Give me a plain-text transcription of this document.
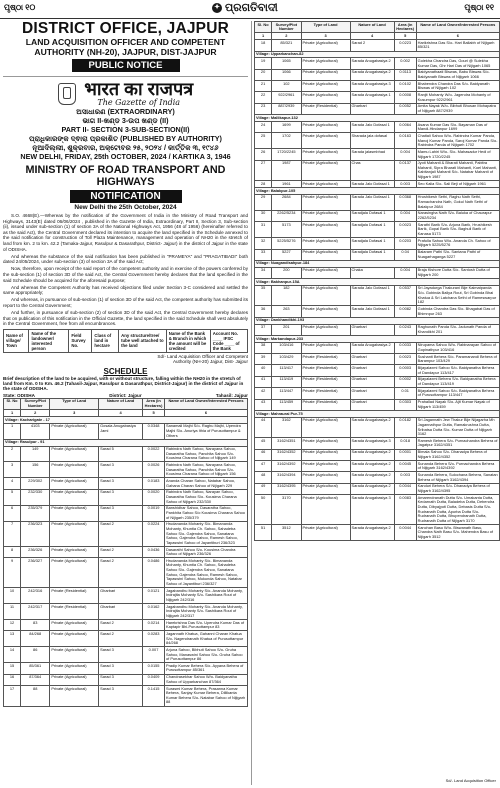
ପୃଷ୍ଠା ୧୦	✦ ପ୍ରଗତିବାଦୀ	ପୃଷ୍ଠା ୧୧
DISTRICT OFFICE, JAJPUR
LAND ACQUISITION OFFICER AND COMPETENT
AUTHORITY (NH-20), JAJPUR, DIST-JAJPUR
PUBLIC NOTICE

भारत का राजपत्र
The Gazette of India
ଅସାଧାରଣ (EXTRAORDINARY)
ଭାଗ II-ଖଣ୍ଡ 3-ଉପ ଖଣ୍ଡ (II)
PART II- SECTION 3-SUB-SECTION(II)
ପ୍ରାଧିକାରଙ୍କ ଦ୍ଵାରା ପ୍ରକାଶିତ (PUBLISHED BY AUTHORITY)
ନୂଆଦିଲ୍ଲୀ, ଶୁକ୍ରବାର, ଅକ୍ଟୋବର ୨୫, ୨୦୨୪ / କାର୍ତ୍ତିକ ୩, ୧୯୪୬
NEW DELHI, FRIDAY, 25th OCTOBER, 2024 / KARTIKA 3, 1946
MINISTRY OF ROAD TRANSPORT AND HIGHWAYS
NOTIFICATION
New Delhi the 25th October, 2024

S.O. 4668(E).—Whereas by the notification of the Government of India in the Ministry of Road Transport and Highways, 3143(E) dated 06/06/2024 , published in the Gazette of India, Extraordinary, Part II, Section 3, Sub-section (ii), issued under sub-section (1) of section 3A of the National Highways Act, 1956 (48 of 1956) (hereinafter referred to as the said Act), the Central Government declared its intention to acquire the land specified in the Schedule annexed to the said notification for construction of Toll Plaza Maintenance, management and operation of NH20 in the stretch of land from km. 2 to km. 42.2 (Tamaka-Jajpur, Rasulpur & Dasarathpur, District- Jajpur) in the district of Jajpur in the state of ODISHA.

And whereas the substance of the said notification has been published in "PRAMEYA" and "PRAGATIBADI" both dated 24/05/2024, under sub-section (3) of section 3A of the said Act;

Now, therefore, upon receipt of the said report of the competent authority and in exercise of the powers conferred by the sub-section (1) of section 3D of the said Act, the Central Government hereby declares that the land specified in the said Schedule should be acquired for the aforesaid purpose;

And whereas the Competent Authority has received objections filed under Section 3-C considered and settled the same appropriately;

And whereas, in pursuance of sub-section (1) of section 3D of the said Act, the competent authority has submitted its report to the Central Government;

And further, in pursuance of sub-section (2) of section 3D of the said Act, the Central Government hereby declares that on publication of this notification in the Official Gazette, the land specified in the said Schedule shall vest absolutely in the Central Government, free from all encumbrances.

Name of village/ Town	Name of the landowner/ interested person	Field Survey No.	Class of land in hectare	Any structure/tree/ tube well attached to the land	Name of the Bank & Branch in which the amount will be credited	Account No. ____ IFSC Code ____ of the Bank
Sd/- Land Acquisition Officer and Competent
Authority (NH-20) Jajpur, Dist- Jajpur
SCHEDULE
Brief description of the land to be acquired, with or without structure, falling within the NH20 in the stretch of land from Km. 0 to Km. 46.2 (Tahasil-Jajpur, Rasulpur & Dasarathpur, District-Jajpur) in the district of Jajpur in the state of ODISHA.
State: ODISHA	District: Jajpur	Tahasil: Jajpur
Sl. No	Survey/Plot Number	Type of Land	Nature of Land	Area (in Hectares)	Name of Land Owner/Interested Persons
1	2	3	4	5	6
Village: Kacharigate - 17					
1	4103	Private (Agricultural)	Gosala Anugabasiya Jami	0.0348	Sanamali Majhi S/o- Raghu Majhi, Upendra Majhi S/o- Anuriya Ithia of Purusottampur & Others
Village: Rasulpur - 91					
2	149	Private (Agricultural)	Sarad 5	0.0022	Rabindra Nath Sahoo, Narayana Sahoo, Dasaratha Sahoo, Panchita Sahoo S/o-Kousima Charana Sahoo of Nijigarh 149
3	156	Private (Agricultural)	Sarad 3	0.0026	Rabindra Nath Sahoo, Narayana Sahoo, Dasaratha Sahoo, Panchita Sahoo S/o-Kousima Charana Sahoo of Nijigarh 156
4	229/302	Private (Agricultural)	Sarad 3	0.0183	Ananda Charan Sahoo, Natabar Sahoo, Gahana Charan Sahoo of Nijigarh 229
5	232/330	Private (Agricultural)	Sarad 3	0.0020	Rabindra Nath Sahoo, Narayan Sahoo, Dasaratha Sahoo S/o- Kousima Charana Sahoo of Nijigarh 232/330
6	235/379	Private (Agricultural)	Sarad 3	0.0019	Banshidhar Sahoo, Dasaratha Sahoo, Pankhita Sahoo S/o Kousima Charana Sahoo of Nijigarh 235/379
7	236/323	Private (Agricultural)	Sarad 2	0.0224	Hrudananda Mohanty S/o- Bimananda Mohanty, Khuntia Ch. Sahoo, Sahadeba Sahoo S/o- Gajendra Sahoo, Sanatana Sahoo, Gajendra Sahoo, Ramesh Sahoo, Tapaswini Sahoo of Jayantiburi 236/323
8	236/326	Private (Agricultural)	Sarad 2	0.0436	Dasarathi Sahoo S/o- Kousima Chandra Sahoo of Nijigarh 236/326
9	236/327	Private (Agricultural)	Sarad 2	0.0486	Hrudananda Mohanty S/o- Bimananda Mohanty, Khuntia Ch. Sahoo, Sahadeba Sahoo S/o- Gajendra Sahoo, Sanatana Sahoo, Gajendra Sahoo, Ramesh Sahoo, Tapaswini Sahoo, Mukunda Sahoo, Natabar Sahoo of Jayantiburi 236/327
10	242/316	Private (Residential)	Gharbari	0.0121	Jagabandhu Mohanty S/o- Ananda Mohanty, Indrajita Mohanty S/o- Sashikara Rout of Nijigarh 242/316
11	242/317	Private (Residential)	Gharbari	0.0162	Jagabandhu Mohanty S/o- Ananda Mohanty, Indrajita Mohanty S/o- Sashikara Rout of Nijigarh 242/317
12	83	Private (Agricultural)	Sarad 2	0.0214	Harekrishna Das S/o- Upendra Kumar Das of Kaptapir Bhi-Purusottampur 83
13	84/268	Private (Agricultural)	Sarad 2	0.0283	Jagannath Khatua, Gahanni Charan Khatua S/o- Nagendranath Khatua of Purusottampur 84/268
14	86	Private (Agricultural)	Sarad 3	0.007	Arjuna Sahoo, Bibhuti Sahoo S/o- Gruha Sahoo, Manaswini Sahoo S/o- Gruha Sahoo of Purusottampur 86
15	85/361	Private (Agricultural)	Sarad 3	0.0155	Pradip Kumar Behera S/o- Ayyana Behera of Purusottampur 85/361
16	87/364	Private (Agricultural)	Sarad 3	0.0409	Chandrasekhar Sahoo W/o- Baidyanatha Sahoo of Upparkanchan 87/364
17	88	Private (Agricultural)	Sarad 3	0.1415	Surasmi Kumar Behera, Prasanna Kumar Behera, Sanjay Kumar Behera, Dillikanta Kumar Behera S/o- Natabar Sahoo of Nijigarh 88
Sl. No	Survey/Plot Number	Type of Land	Nature of Land	Area (in Hectares)	Name of Land Owner/Interested Persons
1	2	3	4	5	6
18	85/321	Private (Agricultural)	Sarad 2	0.0223	Harikrishna Das S/o- Hari Ballabh of Nijigarh 85/321
Village: Upparkanchan-82					
19	1065	Private (Agricultural)	Sarada Anugabasiya 2	0.002	Golekha Chandra Das, Gouri @ Sulekha Kumar Das, Ghr Hari Das of Nijigarh 1065
20	1066	Private (Agricultural)	Sarada Anugabasiya 2	0.0113	Baidyanathaati Biswas, Babu Biswas S/o- Baidyanath Biswas of Nijigarh 1066
21	102	Private (Agricultural)	Sarada Anugabasiya 3	0.0102	Bhabendra Chandra Das S/o- Baidyanath Biswas of Nijigarh 102
22	922/2961	Private (Agricultural)	Sarada Anugabasiya 1	0.0008	Ranjit Mohanty W/o- Jagendra Mohanty of Kusumpur 922/2961
23	887/2939	Private (Residential)	Gharbari	0.0052	Amita Nayak W/o- Bibhuti Bhusan Mohapatra of Nijigarh 887/2939
Village: Mallikapur-132					
24	1699	Private (Agricultural)	Sarada Jalo Dofasal 1	0.0064	Asana Kumar Das S/o- Bayaman Das of Mandi-Hindanpur 1699
25	1702	Private (Agricultural)	Sharada jala dofasal	0.0163	Chaitali Sahoo W/o- Rabindra Kumar Panda, Manoj Kumar Panda, Saroj Kumar Panda S/o- Rabindra Panda of Nijigarh 1702
26	1720/2245	Private (Agricultural)	Sarada jalasmbhad	0.004	Mamu Lahiri W/o- S/o- Mahasadur Hedi of Nijigarh 1720/2245
27	1987	Private (Agricultural)	Chas	0.0137	Jyoti Mahanti & Bharati Mahanti, Pabitra Mahanti, Sipra Bharati Mahanti, Koel Mahanti, Kabitanjali Mahanti S/o- Natabar Mahanti of Nijigarh 1987
28	1961	Private (Agricultural)	Sarada Jalo Dofasal 1	0.003	Seo Kalia S/o- Sali Beji of Nijigarh 1961
Village: Balakpur-105					
29	2684	Private (Agricultural)	Sarada Jalo Dofasal 1	0.0368	Hrushikesh Sethi, Raghu Nath Sethi, Ramachandra Nath, Gokul Nath Sethi of Balakpur 2684
30	2262/5234	Private (Agricultural)	Saradjala Dofasal 1	0.004	Narasingha Nath S/o- Baluka of Chaurapur 2262/5234
31	5173	Private (Agricultural)	Saradjala Dofasal 1	0.0023	Sarathi Barik S/o- Arjuna Barik, Hrushikesh Barik, Gopal Barik S/o- Baghuli Barik of Kanasa 5173
32	5225/5276	Private (Agricultural)	Saradjala Dofasal 1	0.0203	Prafulla Sahoo W/o- Ananda Ch. Sahoo of Nijigarh 5225/5276
33	5227	Private (Agricultural)	Saradjala Dofasal 1	0.04	Balaram Pathi S/o- Santana Pathi of Nuagarhaganga 5227
Village: Nuagandisahpur-184					
34	200	Private (Agricultural)	Chaka	0.004	Braja Kishore Dutta S/o- Santosh Dutta of Nijigarh 200
Village: Bakhanpur-15A					
35	182	Private (Agricultural)	Sarada Jalo Dofasal 1	0.0537	Sri Jayadurga Thakurani Bije Kaimatpanda S/o- Gobinda Baliya Rout, Sri Gobinda Bhai Khatua & Sri Latchana Sethi of Rameswarpur 182
36	263	Private (Agricultural)	Sarada Jalo Dofasal 1	0.0082	Gobinda Chandra Das S/o- Bhagabat Das of Bhimnpur 263
Village: Dankhandikhi-193					
37	201	Private (Agricultural)	Gharbari	0.0243	Raghunath Panda S/o- Jadunath Panda of Khandikhi 201
Village: Markandapur-233					
38	103/416	Private (Agricultural)	Sarada Anugabasiya 2	0.0033	Nirupama Sahoo W/o- Rabinarayan Sahoo of Gopinathpur 103/416
39	103/429	Private (Residential)	Gharbari	0.0023	Sushanti Behera S/o- Paramanandi Behera of Barampur 103/429
40	113/417	Private (Residential)	Gharbari	0.0003	Bijayalaxmi Sahoo S/o- Baidyanatha Behera of Dandapur 113/417
41	113/419	Private (Residential)	Gharbari	0.0002	Bijayalaxmi Behera S/o- Baidyanatha Behera of Dandapur 113/419
42	113/447	Private (Residential)	Gharbari	0.01	Bijayalaxmi Sahoo S/o- Baidyanatha Behera of Purusottampur 113/447
43	113/459	Private (Residential)	Gharbari	0.0303	Prahallad Nayak S/o- Ajit Kumar Nayak of Nijigarh 113/459
Village: Mahraurai Pur-75					
44	3162	Private (Agricultural)	Sarada Anugabasiya 2	0.0182	Sri Jagannath Jew Thakur Bije Nijagarha Mh Jagannathpur Dutta, Ramakrushna Dutta, Sribatsa Dutta S/o- Kumar Dutta of Nijigarh 3162
45	3162/4351	Private (Agricultural)	Sarada Anugabasiya 3	0.018	Ramesh Behera S/o- Purnachandra Behera of Jagatpur 3162/4351
46	3162/4352	Private (Agricultural)	Sarada Anugabasiya 2	0.0001	Bimala Sahoo S/o- Dhanadya Behera of Nijigarh 3162/4352
47	3162/4392	Private (Agricultural)	Sarada Anugabasiya 2	0.0045	Sunanda Behera S/o- Purnachandra Behera of Nijigarh 3162/4392
48	3162/4394	Private (Agricultural)	Sarada Anugabasiya 2	0.003	Sunanda Behera, Sulochana Behera, Sanatan Behera of Nijigarh 3162/4394
49	3162/4395	Private (Agricultural)	Sarada Anugabasiya 2	0.0044	Kanduri Behera S/o- Dhanadya Behera of Nijigarh 3162/4395
50	3170	Private (Agricultural)	Sarada Anugabasiya 3	0.0083	Amarendranath Dutta S/o- Umakanta Dutta, Kedarnath Dutta, Baladeba Dutta, Debendra Dutta, Dibyajyoti Dutta, Debasis Dutta S/o- Rudranath Dutta, Apurba Dutta S/o- Rudranath Dutta, Bhupendranath Dutta, Rudranath Dutta of Nijigarh 3170
51	3512	Private (Agricultural)	Sarada Anugabasiya 2	0.0044	Kanchan Basu W/o- Biswanath Basu, Chandra Nath Basu S/o- Mahendra Basu of Nijigarh 3512
Sd/- Land Acquisition Officer
